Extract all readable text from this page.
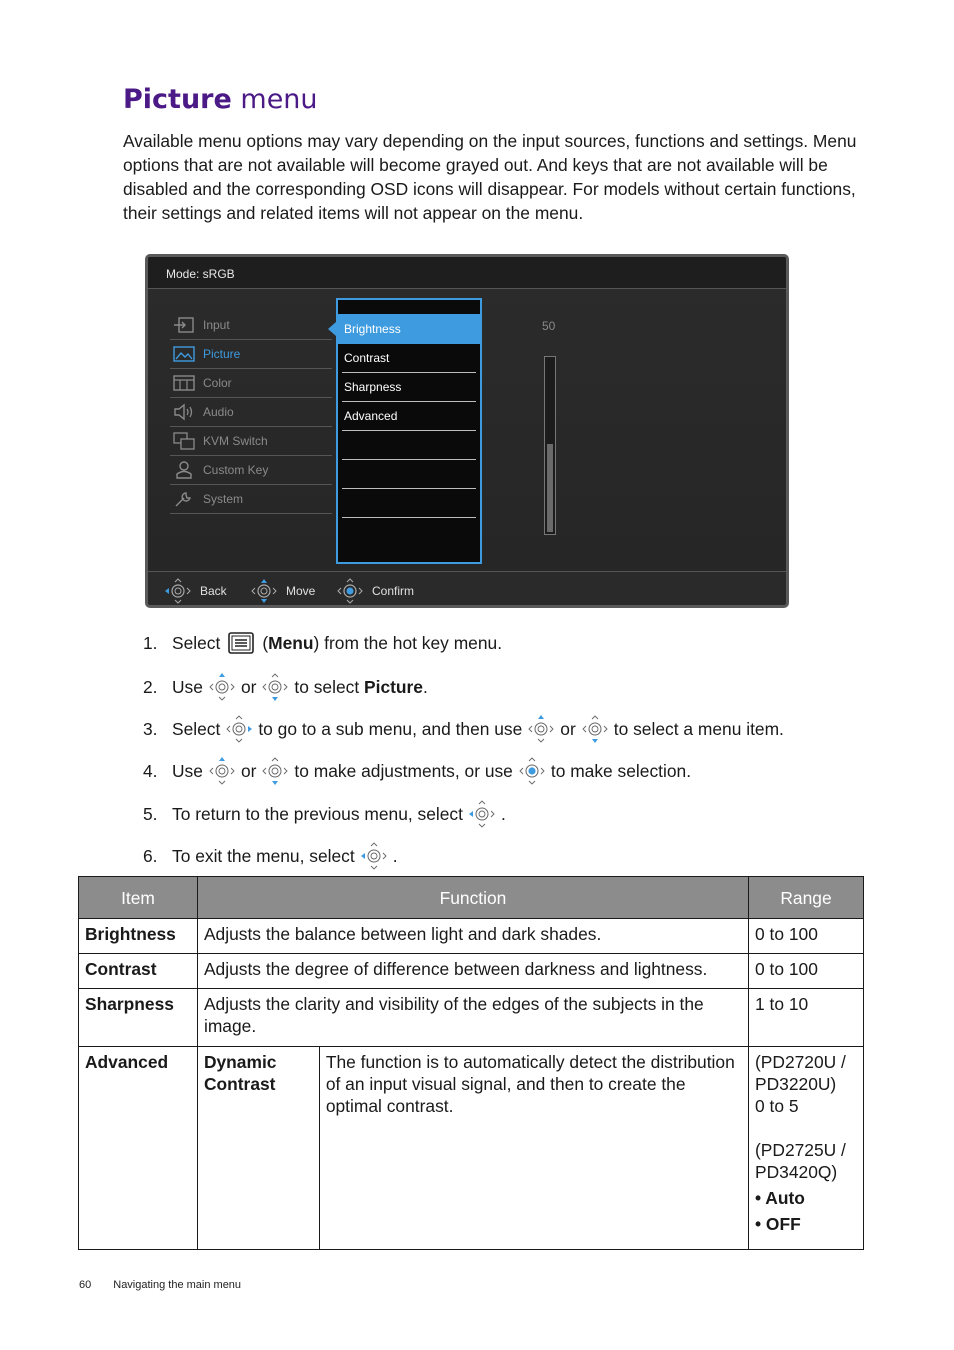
Picture menu

Available menu options may vary depending on the input sources, functions and settings. Menu options that are not available will become grayed out. And keys that are not available will be disabled and the corresponding OSD icons will disappear. For models without certain functions, their settings and related items will not appear on the menu.

Mode: sRGB
Input
Picture
Color
Audio
KVM Switch
Custom Key
System
Brightness
Contrast
Sharpness
Advanced
50
Back	Move	Confirm
1. Select ( Menu ) from the hot key menu.
2. Use or to select
Picture .
3. Select to go to a sub menu, and then use or to select a menu item.
4. Use or to make adjustments, or use to make selection.
5. To return to the previous menu, select .
6. To exit the menu, select .
Item	Function		Range
Brightness	Adjusts the balance between light and dark shades.		0 to 100
Contrast	Adjusts the degree of difference between darkness and lightness.		0 to 100
Sharpness	Adjusts the clarity and visibility of the edges of the subjects in the image.		1 to 10
Advanced	Dynamic Contrast	The function is to automatically detect the distribution of an input visual signal, and then to create the optimal contrast.	(PD2720U / PD3220U)
0 to 5
(PD2725U / PD3420Q)
• Auto
• OFF
60 Navigating the main menu
